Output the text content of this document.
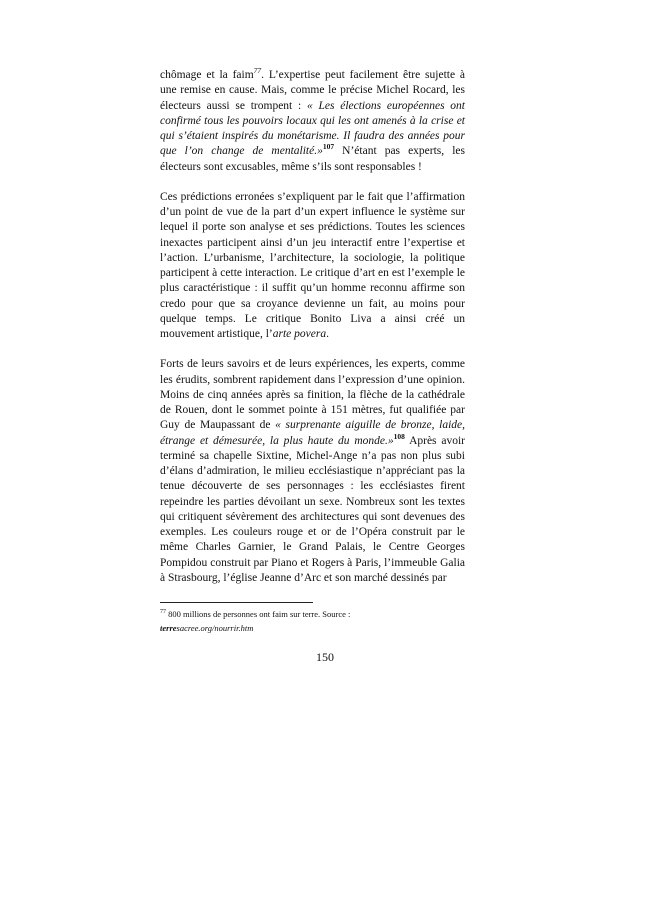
chômage et la faim$^{77}$. L’expertise peut facilement être sujette à une remise en cause. Mais, comme le précise Michel Rocard, les électeurs aussi se trompent : « Les élections européennes ont confirmé tous les pouvoirs locaux qui les ont amenés à la crise et qui s’étaient inspirés du monétarisme. Il faudra des années pour que l’on change de mentalité.»$^{107}$ N’étant pas experts, les électeurs sont excusables, même s’ils sont responsables !

Ces prédictions erronées s’expliquent par le fait que l’affirmation d’un point de vue de la part d’un expert influence le système sur lequel il porte son analyse et ses prédictions. Toutes les sciences inexactes participent ainsi d’un jeu interactif entre l’expertise et l’action. L’urbanisme, l’architecture, la sociologie, la politique participent à cette interaction. Le critique d’art en est l’exemple le plus caractéristique : il suffit qu’un homme reconnu affirme son credo pour que sa croyance devienne un fait, au moins pour quelque temps. Le critique Bonito Liva a ainsi créé un mouvement artistique, l’arte povera.

Forts de leurs savoirs et de leurs expériences, les experts, comme les érudits, sombrent rapidement dans l’expression d’une opinion. Moins de cinq années après sa finition, la flèche de la cathédrale de Rouen, dont le sommet pointe à 151 mètres, fut qualifiée par Guy de Maupassant de « surprenante aiguille de bronze, laide, étrange et démesurée, la plus haute du monde.»$^{108}$ Après avoir terminé sa chapelle Sixtine, Michel-Ange n’a pas non plus subi d’élans d’admiration, le milieu ecclésiastique n’appréciant pas la tenue découverte de ses personnages : les ecclésiastes firent repeindre les parties dévoilant un sexe. Nombreux sont les textes qui critiquent sévèrement des architectures qui sont devenues des exemples. Les couleurs rouge et or de l’Opéra construit par le même Charles Garnier, le Grand Palais, le Centre Georges Pompidou construit par Piano et Rogers à Paris, l’immeuble Galia à Strasbourg, l’église Jeanne d’Arc et son marché dessinés par

$^{77}$ 800 millions de personnes ont faim sur terre. Source :
terresacree.org/nourrir.htm
150
